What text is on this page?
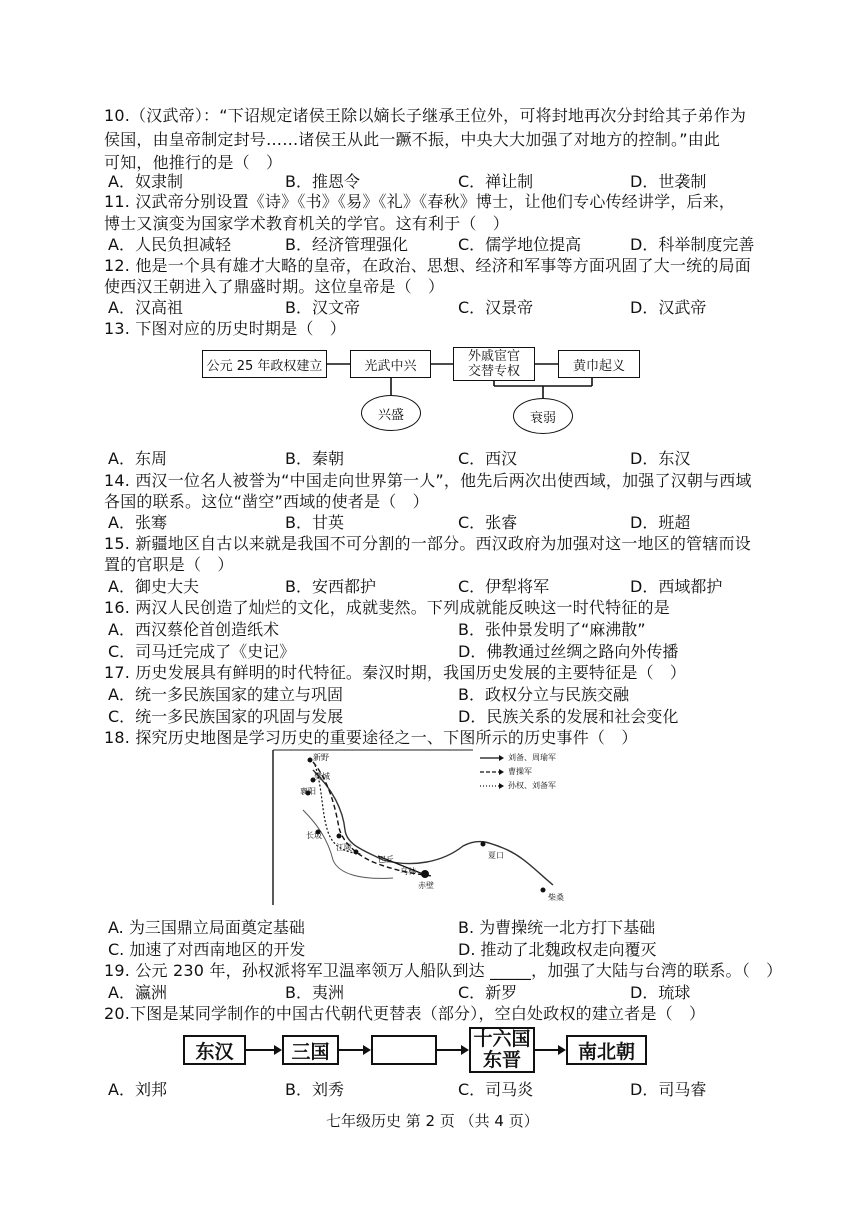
10.（汉武帝）：“下诏规定诸侯王除以嫡长子继承王位外，可将封地再次分封给其子弟作为
侯国，由皇帝制定封号……诸侯王从此一蹶不振，中央大大加强了对地方的控制。”由此
可知，他推行的是（　）
A．奴隶制	B．推恩令	C．禅让制	D．世袭制
11. 汉武帝分别设置《诗》《书》《易》《礼》《春秋》博士，让他们专心传经讲学，后来，
博士又演变为国家学术教育机关的学官。这有利于（　）
A．人民负担减轻	B．经济管理强化	C．儒学地位提高	D．科举制度完善
12. 他是一个具有雄才大略的皇帝，在政治、思想、经济和军事等方面巩固了大一统的局面
使西汉王朝进入了鼎盛时期。这位皇帝是（　）
A．汉高祖	B．汉文帝	C．汉景帝	D．汉武帝
13. 下图对应的历史时期是（　）
公元 25 年政权建立	光武中兴
外戚宦官
交替专权	黄巾起义
兴盛	衰弱
A．东周	B．秦朝	C．西汉	D．东汉
14. 西汉一位名人被誉为“中国走向世界第一人”，他先后两次出使西域，加强了汉朝与西域
各国的联系。这位“凿空”西域的使者是（　）
A．张骞	B．甘英	C．张睿	D．班超
15. 新疆地区自古以来就是我国不可分割的一部分。西汉政府为加强对这一地区的管辖而设
置的官职是（　）
A．御史大夫	B．安西都护	C．伊犁将军	D．西域都护
16. 两汉人民创造了灿烂的文化，成就斐然。下列成就能反映这一时代特征的是
A．西汉蔡伦首创造纸术	B．张仲景发明了“麻沸散”
C．司马迁完成了《史记》	D．佛教通过丝绸之路向外传播
17. 历史发展具有鲜明的时代特征。秦汉时期，我国历史发展的主要特征是（　）
A．统一多民族国家的建立与巩固	B．政权分立与民族交融
C．统一多民族国家的巩固与发展	D．民族关系的发展和社会变化
18. 探究历史地图是学习历史的重要途径之一、下图所示的历史事件（　）
新野
樊城
襄阳
长坂
江陵
赤壁
乌林
夏口
柴桑
巴丘
刘备、周瑜军
曹操军
孙权、刘备军
A. 为三国鼎立局面奠定基础	B. 为曹操统一北方打下基础
C. 加速了对西南地区的开发	D. 推动了北魏政权走向覆灭
19. 公元 230 年，孙权派将军卫温率领万人船队到达 _____，加强了大陆与台湾的联系。（　）
A．瀛洲	B．夷洲	C．新罗	D．琉球
20.下图是某同学制作的中国古代朝代更替表（部分），空白处政权的建立者是（　）
东汉	三国
十六国
东晋	南北朝
A．刘邦	B．刘秀	C．司马炎	D．司马睿
七年级历史 第 2 页 （共 4 页）
